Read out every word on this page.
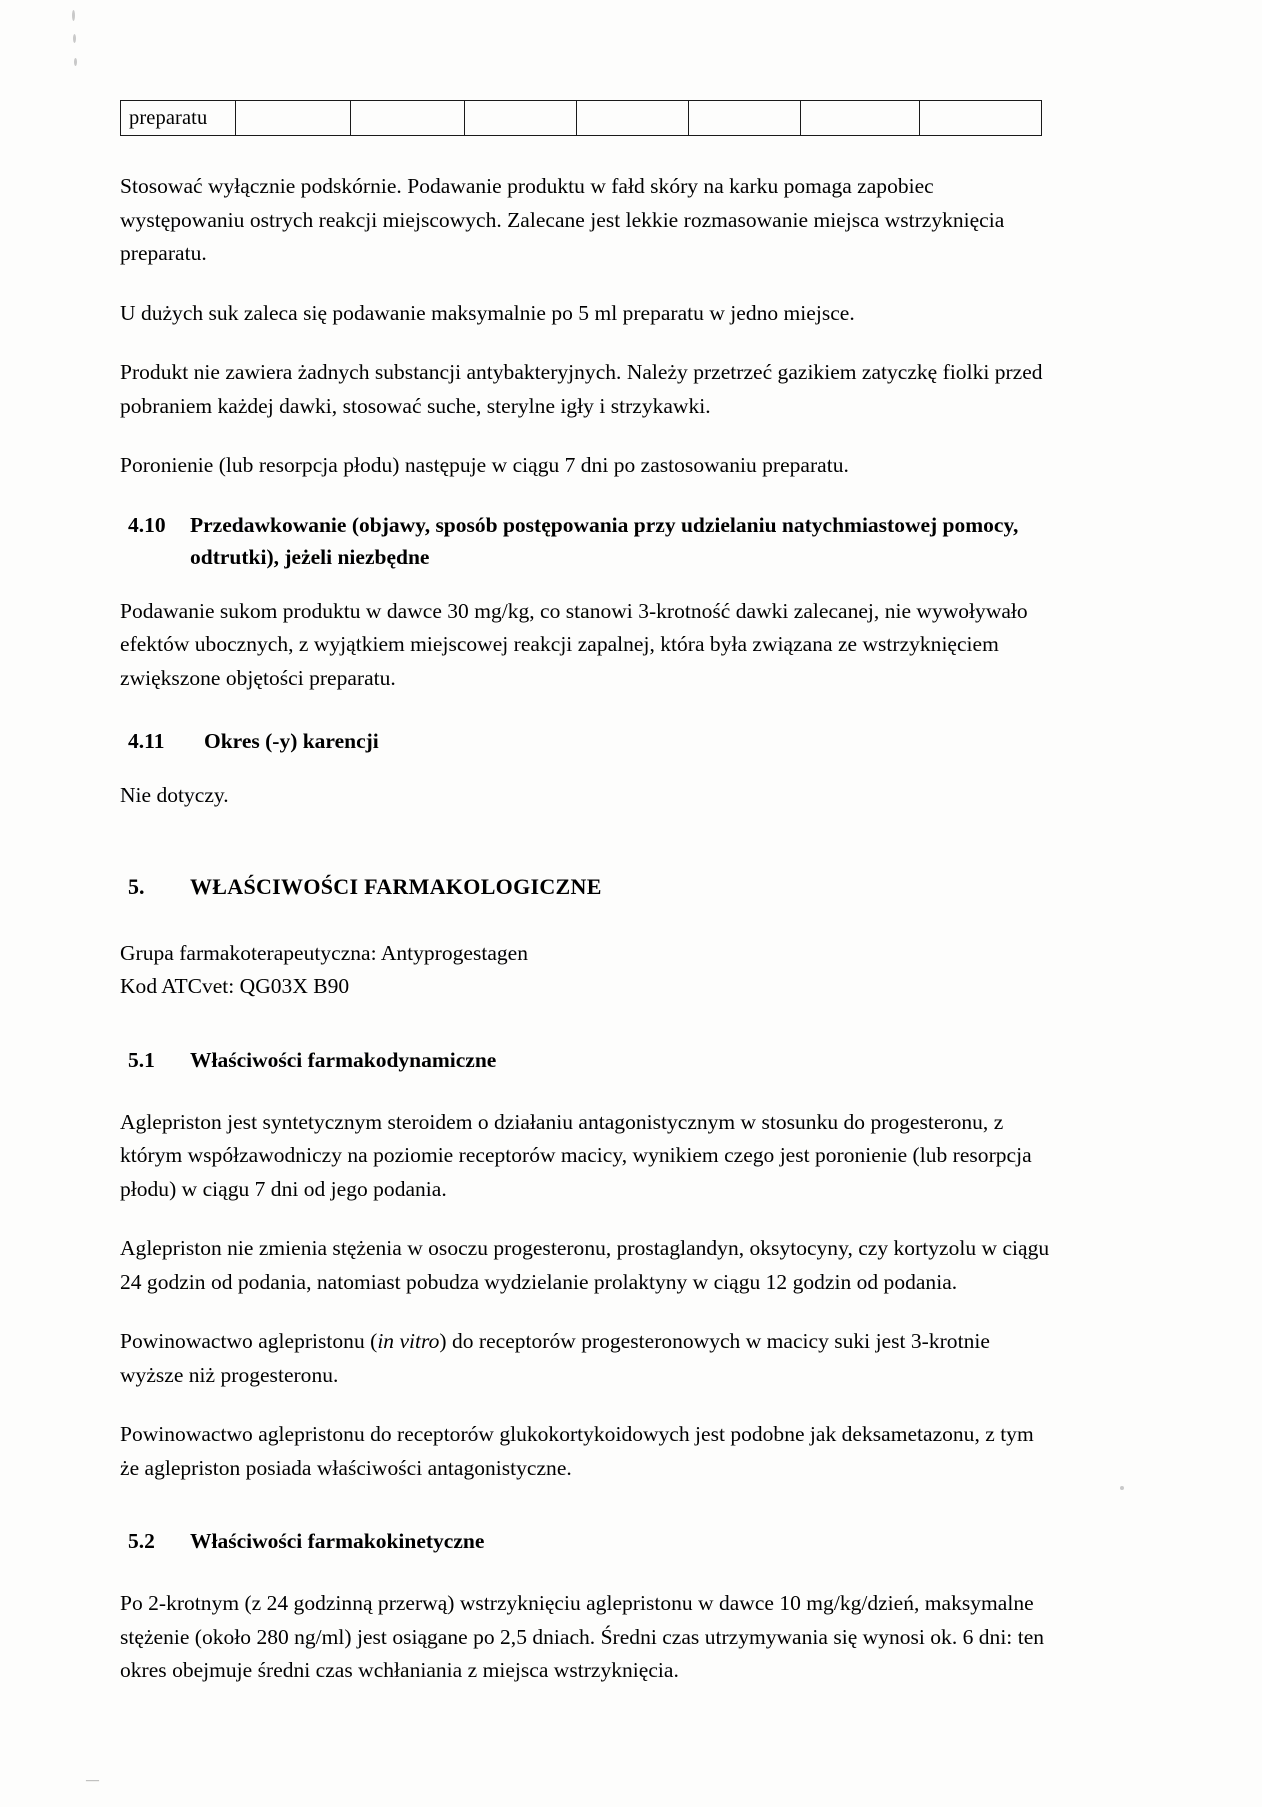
—
preparatu

Stosować wyłącznie podskórnie. Podawanie produktu w fałd skóry na karku pomaga zapobiec występowaniu ostrych reakcji miejscowych. Zalecane jest lekkie rozmasowanie miejsca wstrzyknięcia preparatu.

U dużych suk zaleca się podawanie maksymalnie po 5 ml preparatu w jedno miejsce.

Produkt nie zawiera żadnych substancji antybakteryjnych. Należy przetrzeć gazikiem zatyczkę fiolki przed pobraniem każdej dawki, stosować suche, sterylne igły i strzykawki.

Poronienie (lub resorpcja płodu) następuje w ciągu 7 dni po zastosowaniu preparatu.

4.10	Przedawkowanie (objawy, sposób postępowania przy udzielaniu natychmiastowej pomocy, odtrutki), jeżeli niezbędne

Podawanie sukom produktu w dawce 30 mg/kg, co stanowi 3-krotność dawki zalecanej, nie wywoływało efektów ubocznych, z wyjątkiem miejscowej reakcji zapalnej, która była związana ze wstrzyknięciem zwiększone objętości preparatu.

4.11	Okres (-y) karencji

Nie dotyczy.

5.	WŁAŚCIWOŚCI FARMAKOLOGICZNE

Grupa farmakoterapeutyczna: Antyprogestagen
Kod ATCvet: QG03X B90

5.1	Właściwości farmakodynamiczne

Aglepriston jest syntetycznym steroidem o działaniu antagonistycznym w stosunku do progesteronu, z którym współzawodniczy na poziomie receptorów macicy, wynikiem czego jest poronienie (lub resorpcja płodu) w ciągu 7 dni od jego podania.

Aglepriston nie zmienia stężenia w osoczu progesteronu, prostaglandyn, oksytocyny, czy kortyzolu w ciągu 24 godzin od podania, natomiast pobudza wydzielanie prolaktyny w ciągu 12 godzin od podania.

Powinowactwo aglepristonu (in vitro) do receptorów progesteronowych w macicy suki jest 3-krotnie wyższe niż progesteronu.

Powinowactwo aglepristonu do receptorów glukokortykoidowych jest podobne jak deksametazonu, z tym że aglepriston posiada właściwości antagonistyczne.

5.2	Właściwości farmakokinetyczne

Po 2-krotnym (z 24 godzinną przerwą) wstrzyknięciu aglepristonu w dawce 10 mg/kg/dzień, maksymalne stężenie (około 280 ng/ml) jest osiągane po 2,5 dniach. Średni czas utrzymywania się wynosi ok. 6 dni: ten okres obejmuje średni czas wchłaniania z miejsca wstrzyknięcia.
